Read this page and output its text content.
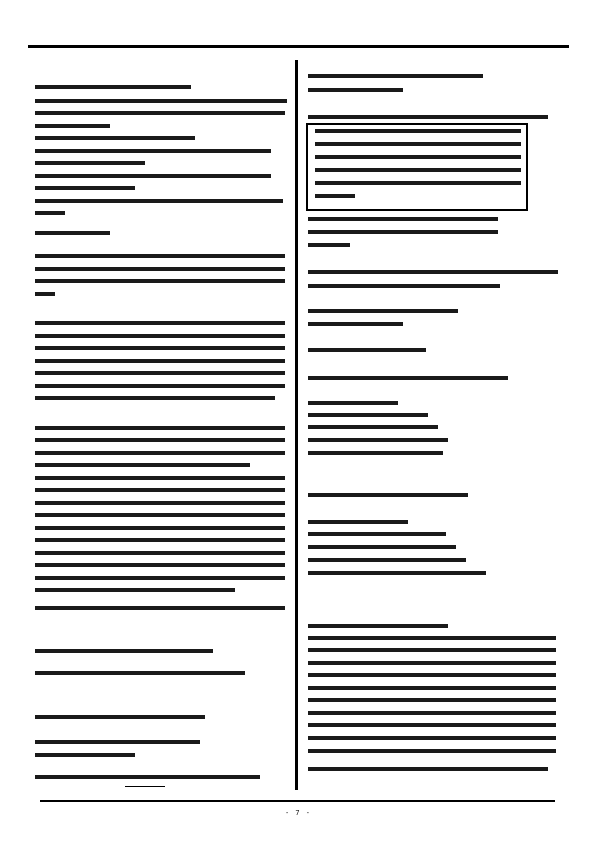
- 7 -
